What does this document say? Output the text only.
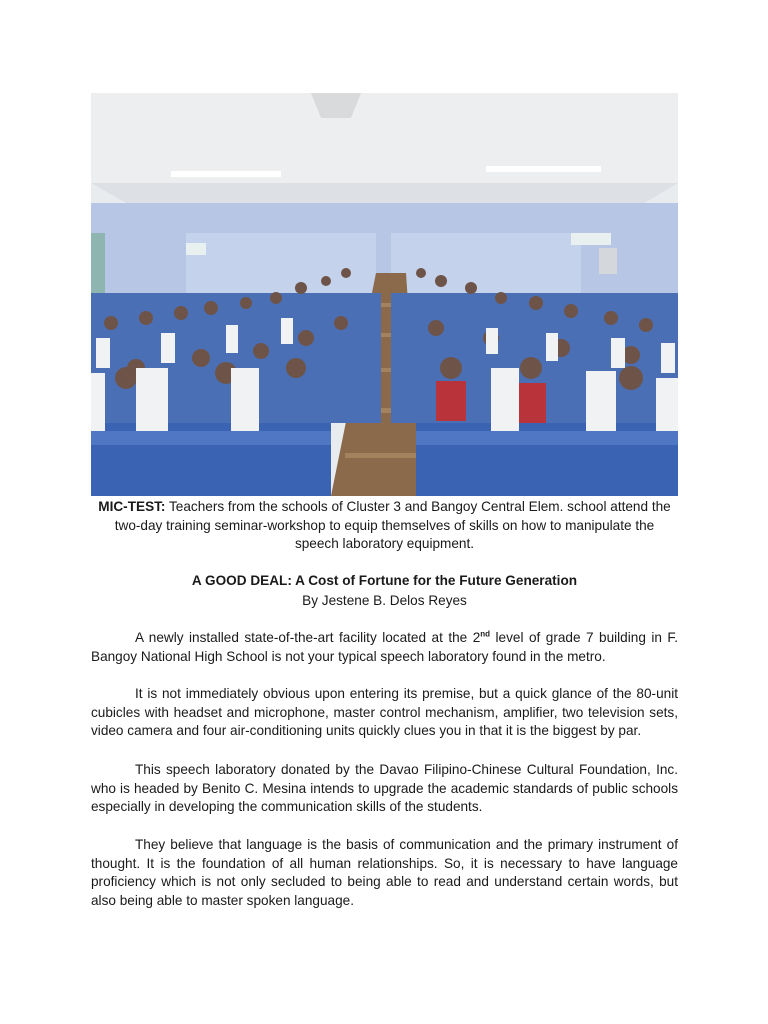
MIC-TEST: Teachers from the schools of Cluster 3 and Bangoy Central Elem. school attend the two-day training seminar-workshop to equip themselves of skills on how to manipulate the speech laboratory equipment.
A GOOD DEAL: A Cost of Fortune for the Future Generation
By Jestene B. Delos Reyes

A newly installed state-of-the-art facility located at the 2nd level of grade 7 building in F. Bangoy National High School is not your typical speech laboratory found in the metro.

It is not immediately obvious upon entering its premise, but a quick glance of the 80-unit cubicles with headset and microphone, master control mechanism, amplifier, two television sets, video camera and four air-conditioning units quickly clues you in that it is the biggest by par.

This speech laboratory donated by the Davao Filipino-Chinese Cultural Foundation, Inc. who is headed by Benito C. Mesina intends to upgrade the academic standards of public schools especially in developing the communication skills of the students.

They believe that language is the basis of communication and the primary instrument of thought. It is the foundation of all human relationships. So, it is necessary to have language proficiency which is not only secluded to being able to read and understand certain words, but also being able to master spoken language.
